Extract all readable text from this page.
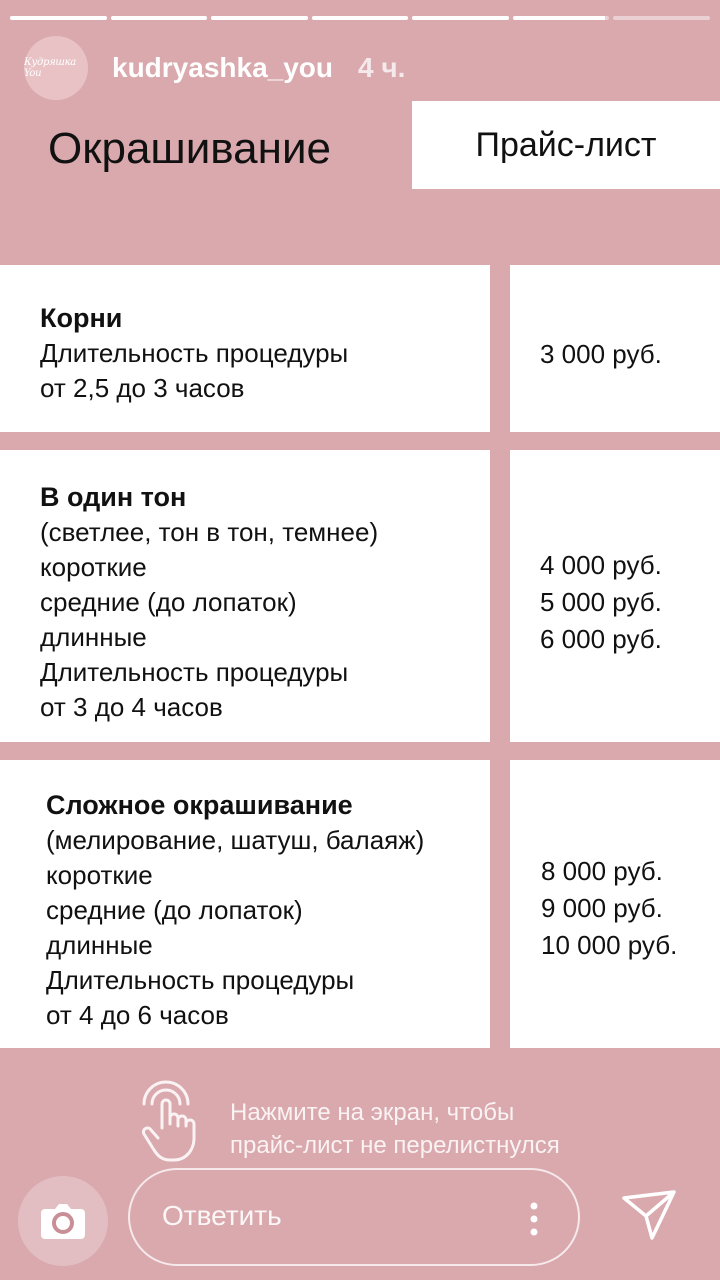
Кудряшка You	kudryashka_you 4 ч.
Окрашивание	Прайс-лист
Корни
Длительность процедуры
от 2,5 до 3 часов
3 000 руб.
В один тон
(светлее, тон в тон, темнее)
короткие
средние (до лопаток)
длинные
Длительность процедуры
от 3 до 4 часов
4 000 руб.
5 000 руб.
6 000 руб.
Сложное окрашивание
(мелирование, шатуш, балаяж)
короткие
средние (до лопаток)
длинные
Длительность процедуры
от 4 до 6 часов
8 000 руб.
9 000 руб.
10 000 руб.
Нажмите на экран, чтобы
прайс-лист не перелистнулся
Ответить
